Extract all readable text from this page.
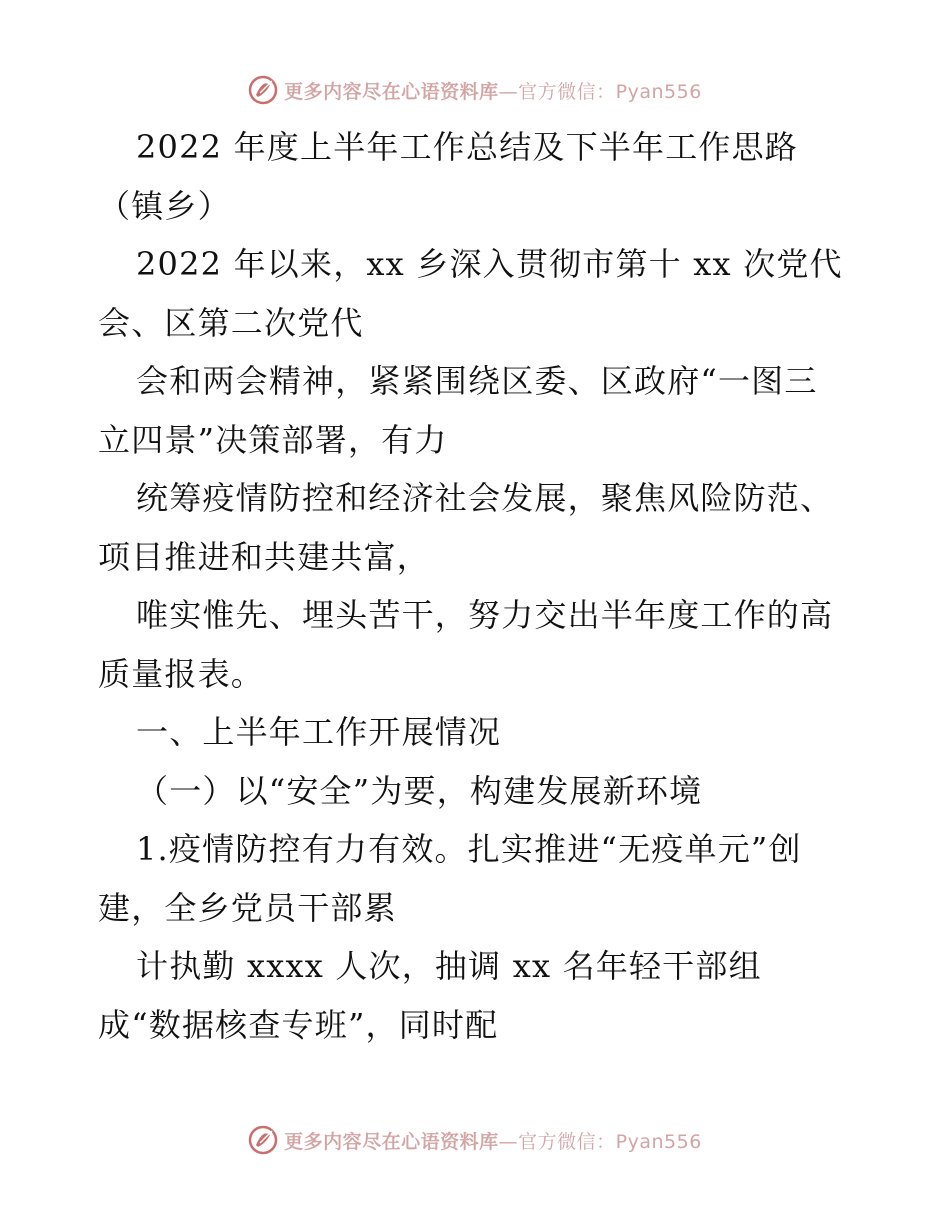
更多内容尽在心语资料库—官方微信：Pyan556
2022 年度上半年工作总结及下半年工作思路
（镇乡）
2022 年以来，xx 乡深入贯彻市第十 xx 次党代
会、区第二次党代
会和两会精神，紧紧围绕区委、区政府“一图三
立四景”决策部署，有力
统筹疫情防控和经济社会发展，聚焦风险防范、
项目推进和共建共富，
唯实惟先、埋头苦干，努力交出半年度工作的高
质量报表。
一、上半年工作开展情况
（一）以“安全”为要，构建发展新环境
1.疫情防控有力有效。扎实推进“无疫单元”创
建，全乡党员干部累
计执勤 xxxx 人次，抽调 xx 名年轻干部组
成“数据核查专班”，同时配
更多内容尽在心语资料库—官方微信：Pyan556
